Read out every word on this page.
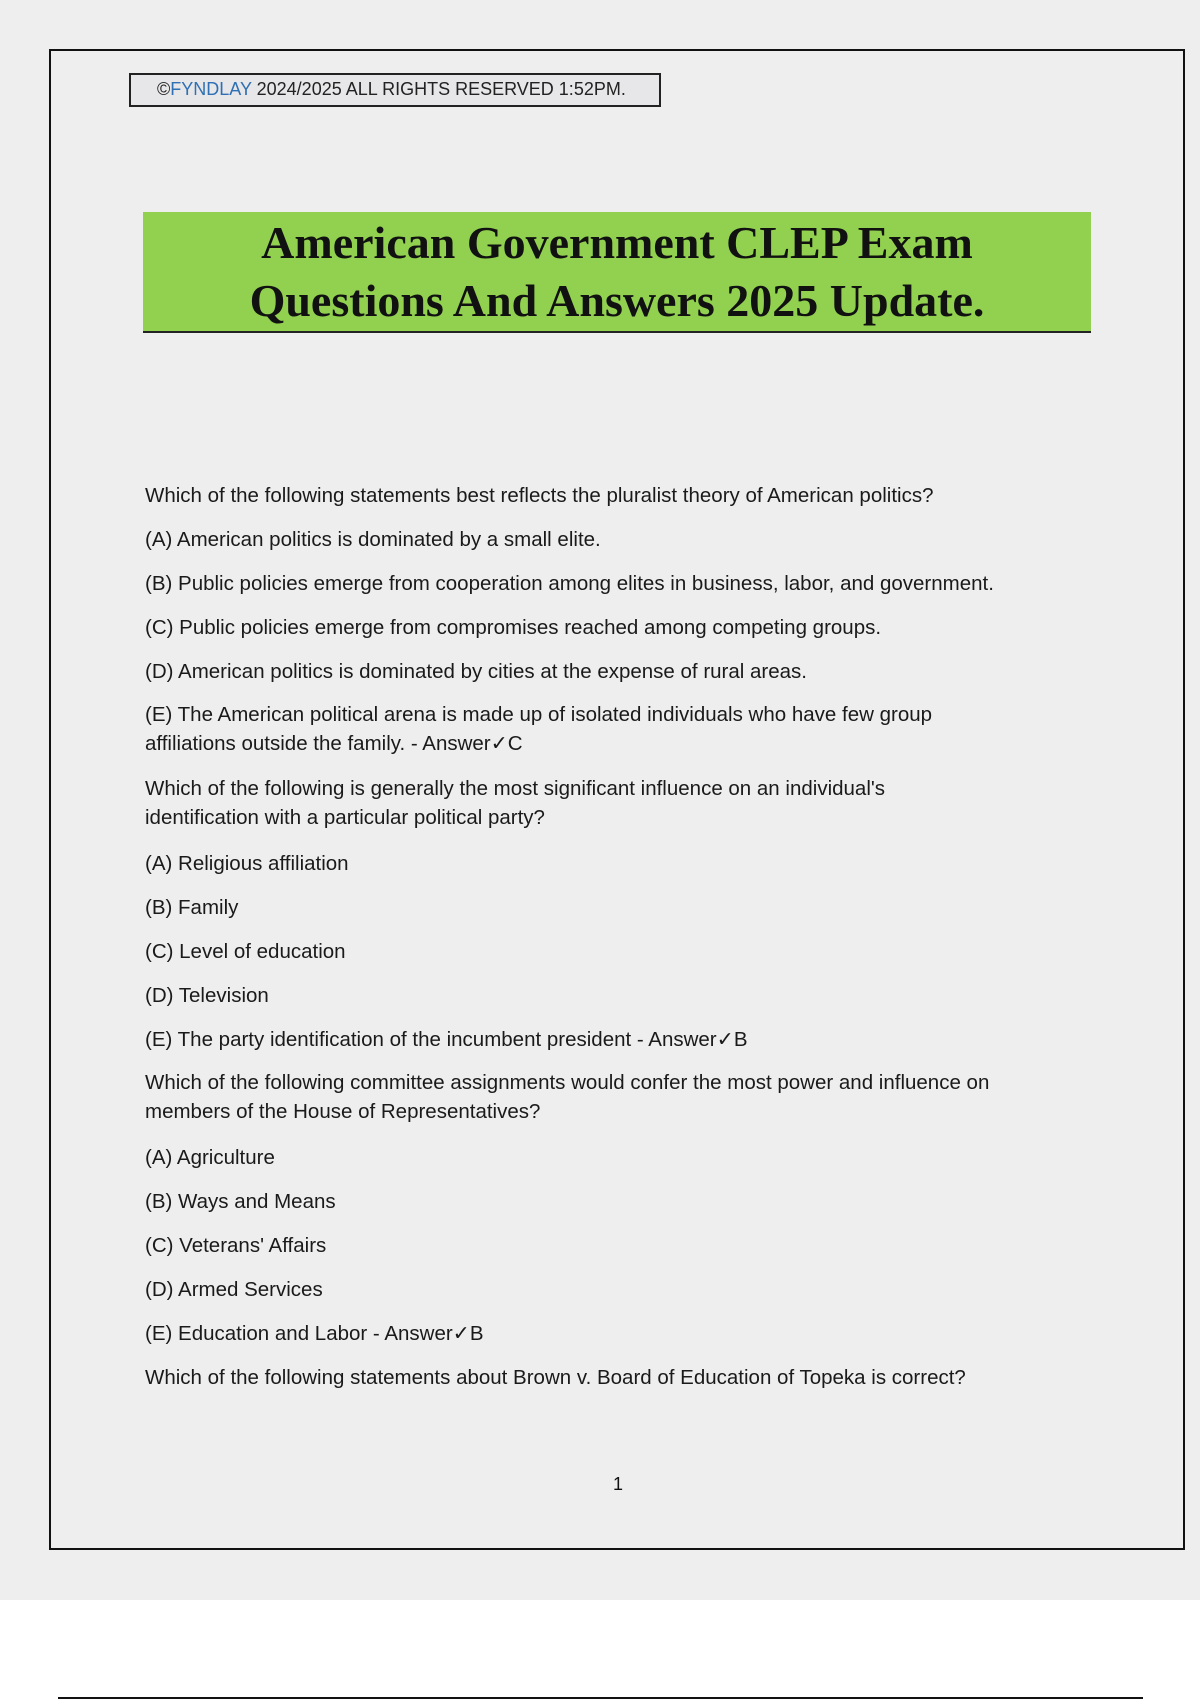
©FYNDLAY 2024/2025 ALL RIGHTS RESERVED 1:52PM.
American Government CLEP Exam
Questions And Answers 2025 Update.
Which of the following statements best reflects the pluralist theory of American politics?
(A) American politics is dominated by a small elite.
(B) Public policies emerge from cooperation among elites in business, labor, and government.
(C) Public policies emerge from compromises reached among competing groups.
(D) American politics is dominated by cities at the expense of rural areas.
(E) The American political arena is made up of isolated individuals who have few group
affiliations outside the family. - Answer✓C
Which of the following is generally the most significant influence on an individual's
identification with a particular political party?
(A) Religious affiliation
(B) Family
(C) Level of education
(D) Television
(E) The party identification of the incumbent president - Answer✓B
Which of the following committee assignments would confer the most power and influence on
members of the House of Representatives?
(A) Agriculture
(B) Ways and Means
(C) Veterans' Affairs
(D) Armed Services
(E) Education and Labor - Answer✓B
Which of the following statements about Brown v. Board of Education of Topeka is correct?
1
